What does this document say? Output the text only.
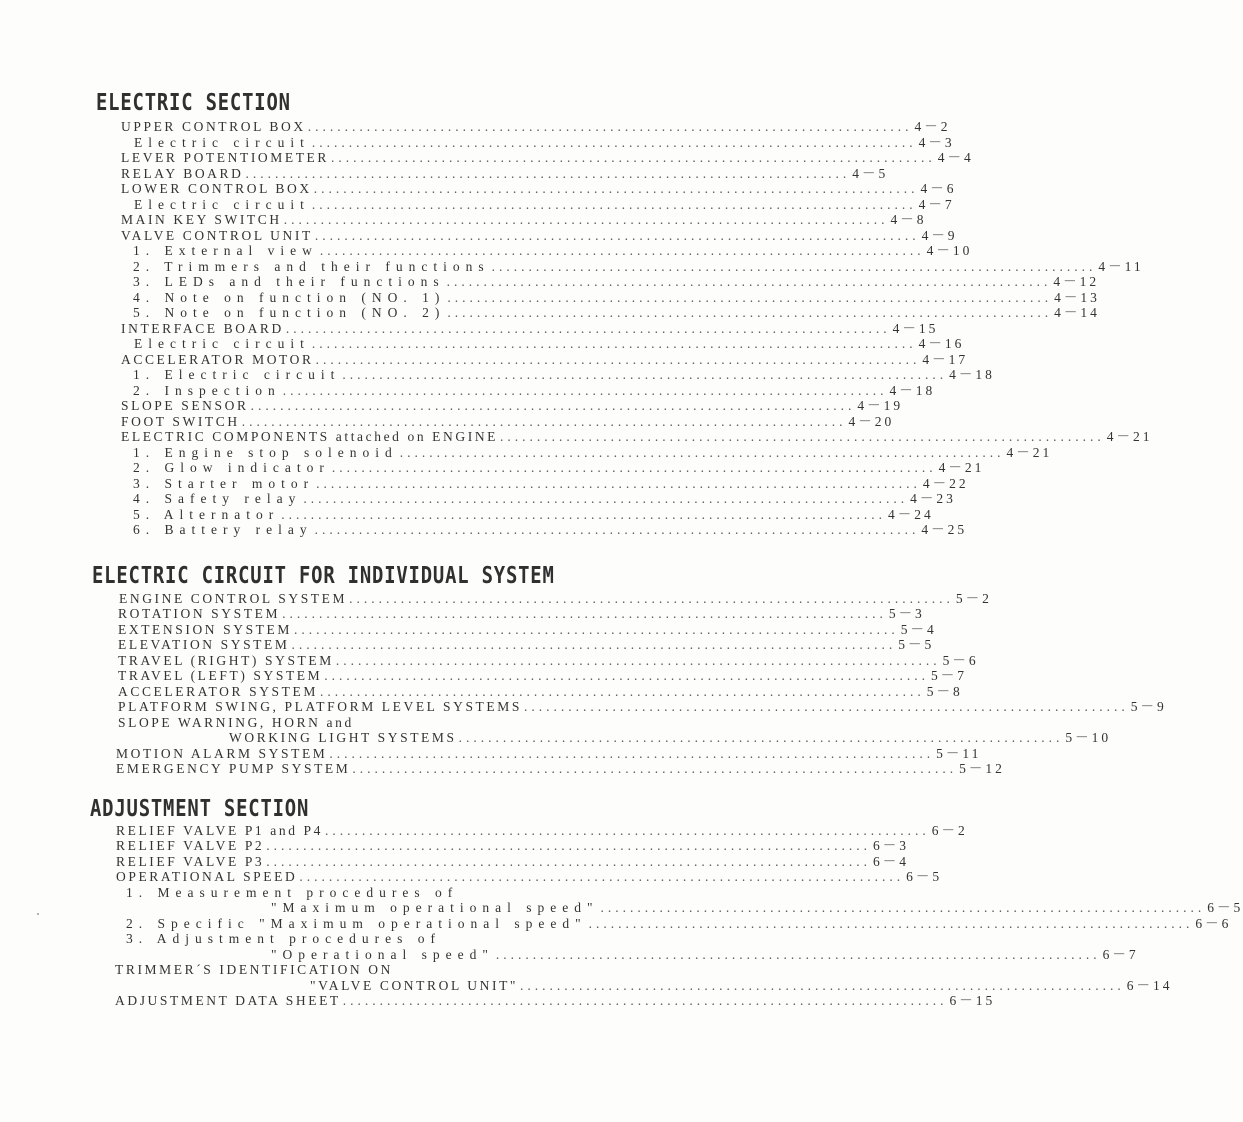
ELECTRIC SECTION
UPPER CONTROL BOX .................................................................................. 4－2
Electric circuit .................................................................................. 4－3
LEVER POTENTIOMETER .................................................................................. 4－4
RELAY BOARD .................................................................................. 4－5
LOWER CONTROL BOX .................................................................................. 4－6
Electric circuit .................................................................................. 4－7
MAIN KEY SWITCH .................................................................................. 4－8
VALVE CONTROL UNIT .................................................................................. 4－9
1. External view .................................................................................. 4－10
2. Trimmers and their functions .................................................................................. 4－11
3. LEDs and their functions .................................................................................. 4－12
4. Note on function (NO. 1) .................................................................................. 4－13
5. Note on function (NO. 2) .................................................................................. 4－14
INTERFACE BOARD .................................................................................. 4－15
Electric circuit .................................................................................. 4－16
ACCELERATOR MOTOR .................................................................................. 4－17
1. Electric circuit .................................................................................. 4－18
2. Inspection .................................................................................. 4－18
SLOPE SENSOR .................................................................................. 4－19
FOOT SWITCH .................................................................................. 4－20
ELECTRIC COMPONENTS attached on ENGINE .................................................................................. 4－21
1. Engine stop solenoid .................................................................................. 4－21
2. Glow indicator .................................................................................. 4－21
3. Starter motor .................................................................................. 4－22
4. Safety relay .................................................................................. 4－23
5. Alternator .................................................................................. 4－24
6. Battery relay .................................................................................. 4－25
ELECTRIC CIRCUIT FOR INDIVIDUAL SYSTEM
ENGINE CONTROL SYSTEM .................................................................................. 5－2
ROTATION SYSTEM .................................................................................. 5－3
EXTENSION SYSTEM .................................................................................. 5－4
ELEVATION SYSTEM .................................................................................. 5－5
TRAVEL (RIGHT) SYSTEM .................................................................................. 5－6
TRAVEL (LEFT) SYSTEM .................................................................................. 5－7
ACCELERATOR SYSTEM .................................................................................. 5－8
PLATFORM SWING, PLATFORM LEVEL SYSTEMS .................................................................................. 5－9
SLOPE WARNING, HORN and
WORKING LIGHT SYSTEMS .................................................................................. 5－10
MOTION ALARM SYSTEM .................................................................................. 5－11
EMERGENCY PUMP SYSTEM .................................................................................. 5－12
ADJUSTMENT SECTION
RELIEF VALVE P1 and P4 .................................................................................. 6－2
RELIEF VALVE P2 .................................................................................. 6－3
RELIEF VALVE P3 .................................................................................. 6－4
OPERATIONAL SPEED .................................................................................. 6－5
1. Measurement procedures of
"Maximum operational speed" .................................................................................. 6－5
2. Specific "Maximum operational speed" .................................................................................. 6－6
3. Adjustment procedures of
"Operational speed" .................................................................................. 6－7
TRIMMER´S IDENTIFICATION ON
"VALVE CONTROL UNIT" .................................................................................. 6－14
ADJUSTMENT DATA SHEET .................................................................................. 6－15
